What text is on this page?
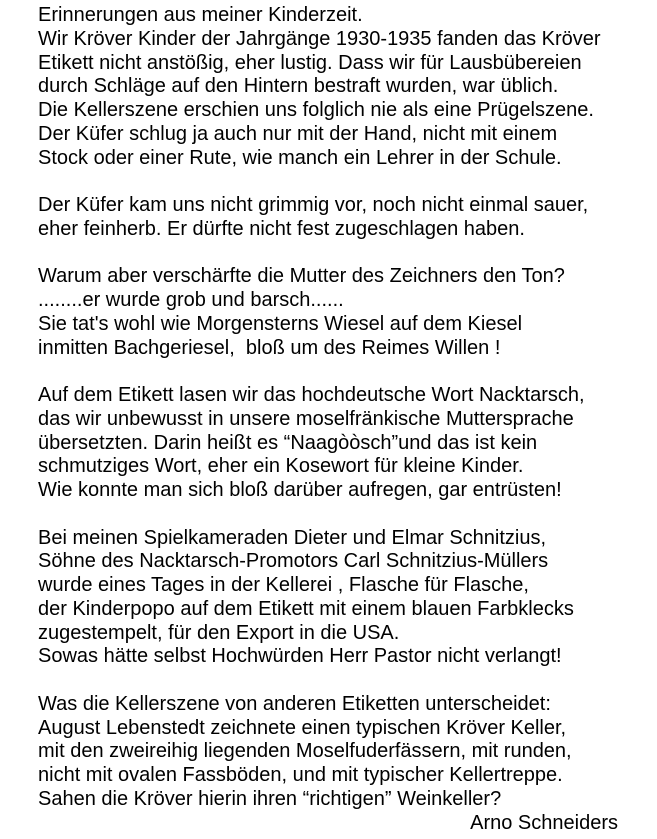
Erinnerungen aus meiner Kinderzeit.
Wir Kröver Kinder der Jahrgänge 1930-1935 fanden das Kröver
Etikett nicht anstößig, eher lustig. Dass wir für Lausbübereien
durch Schläge auf den Hintern bestraft wurden, war üblich.
Die Kellerszene erschien uns folglich nie als eine Prügelszene.
Der Küfer schlug ja auch nur mit der Hand, nicht mit einem
Stock oder einer Rute, wie manch ein Lehrer in der Schule.
Der Küfer kam uns nicht grimmig vor, noch nicht einmal sauer,
eher feinherb. Er dürfte nicht fest zugeschlagen haben.
Warum aber verschärfte die Mutter des Zeichners den Ton?
........er wurde grob und barsch......
Sie tat's wohl wie Morgensterns Wiesel auf dem Kiesel
inmitten Bachgeriesel,  bloß um des Reimes Willen !
Auf dem Etikett lasen wir das hochdeutsche Wort Nacktarsch,
das wir unbewusst in unsere moselfränkische Muttersprache
übersetzten. Darin heißt es “Naagòòsch”und das ist kein
schmutziges Wort, eher ein Kosewort für kleine Kinder.
Wie konnte man sich bloß darüber aufregen, gar entrüsten!
Bei meinen Spielkameraden Dieter und Elmar Schnitzius,
Söhne des Nacktarsch-Promotors Carl Schnitzius-Müllers
wurde eines Tages in der Kellerei , Flasche für Flasche,
der Kinderpopo auf dem Etikett mit einem blauen Farbklecks
zugestempelt, für den Export in die USA.
Sowas hätte selbst Hochwürden Herr Pastor nicht verlangt!
Was die Kellerszene von anderen Etiketten unterscheidet:
August Lebenstedt zeichnete einen typischen Kröver Keller,
mit den zweireihig liegenden Moselfuderfässern, mit runden,
nicht mit ovalen Fassböden, und mit typischer Kellertreppe.
Sahen die Kröver hierin ihren “richtigen” Weinkeller?
Arno Schneiders
